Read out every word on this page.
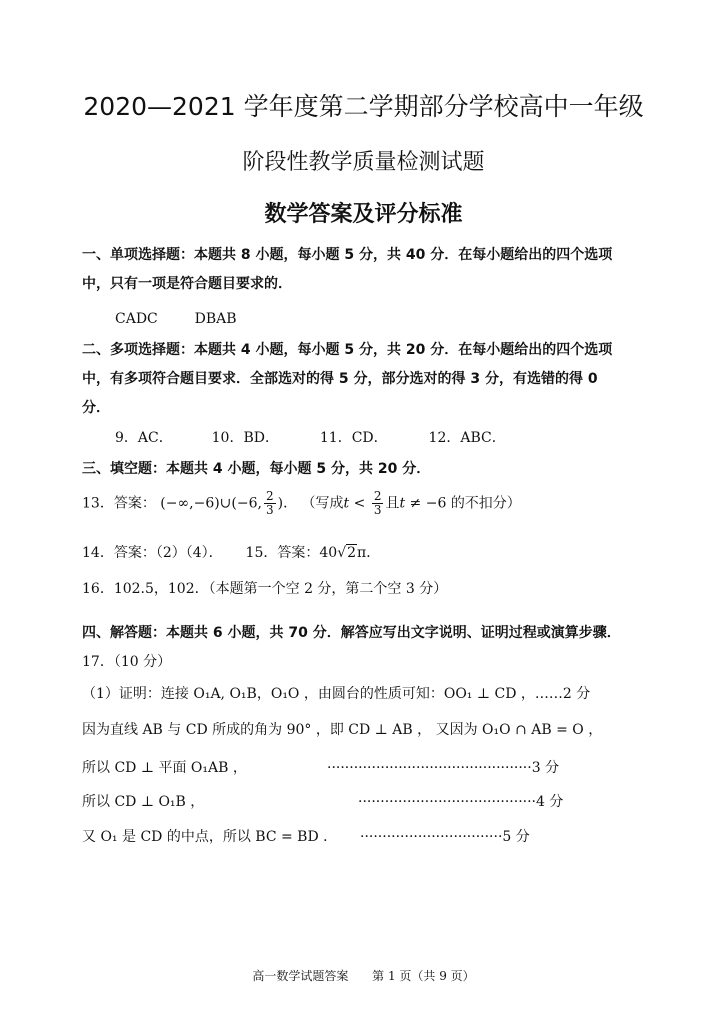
2020—2021 学年度第二学期部分学校高中一年级
阶段性教学质量检测试题
数学答案及评分标准
一、单项选择题：本题共 8 小题，每小题 5 分，共 40 分．在每小题给出的四个选项
中，只有一项是符合题目要求的．
CADC	DBAB
二、多项选择题：本题共 4 小题，每小题 5 分，共 20 分．在每小题给出的四个选项
中，有多项符合题目要求．全部选对的得 5 分，部分选对的得 3 分，有选错的得 0
分．
9．AC．	10．BD．	11．CD．	12．ABC．
三、填空题：本题共 4 小题，每小题 5 分，共 20 分．
13．答案： (−∞,−6)∪(−6, $\frac{2}{3}$ )． （写成$t < \frac{2}{3}$ 且t ≠ −6 的不扣分）
14．答案：（2）（4）． 15．答案：40√2π．
16．102.5，102．（本题第一个空 2 分，第二个空 3 分）
四、解答题：本题共 6 小题，共 70 分．解答应写出文字说明、证明过程或演算步骤．
17．（10 分）
（1）证明：连接 O₁A, O₁B，O₁O ，由圆台的性质可知：OO₁ ⊥ CD ，……2 分
因为直线 AB 与 CD 所成的角为 90° ，即 CD ⊥ AB ， 又因为 O₁O ∩ AB = O ，
所以 CD ⊥ 平面 O₁AB ，	··············································3 分
所以 CD ⊥ O₁B ，	········································4 分
又 O₁ 是 CD 的中点，所以 BC = BD ． ································5 分
高一数学试题答案 第 1 页（共 9 页）
